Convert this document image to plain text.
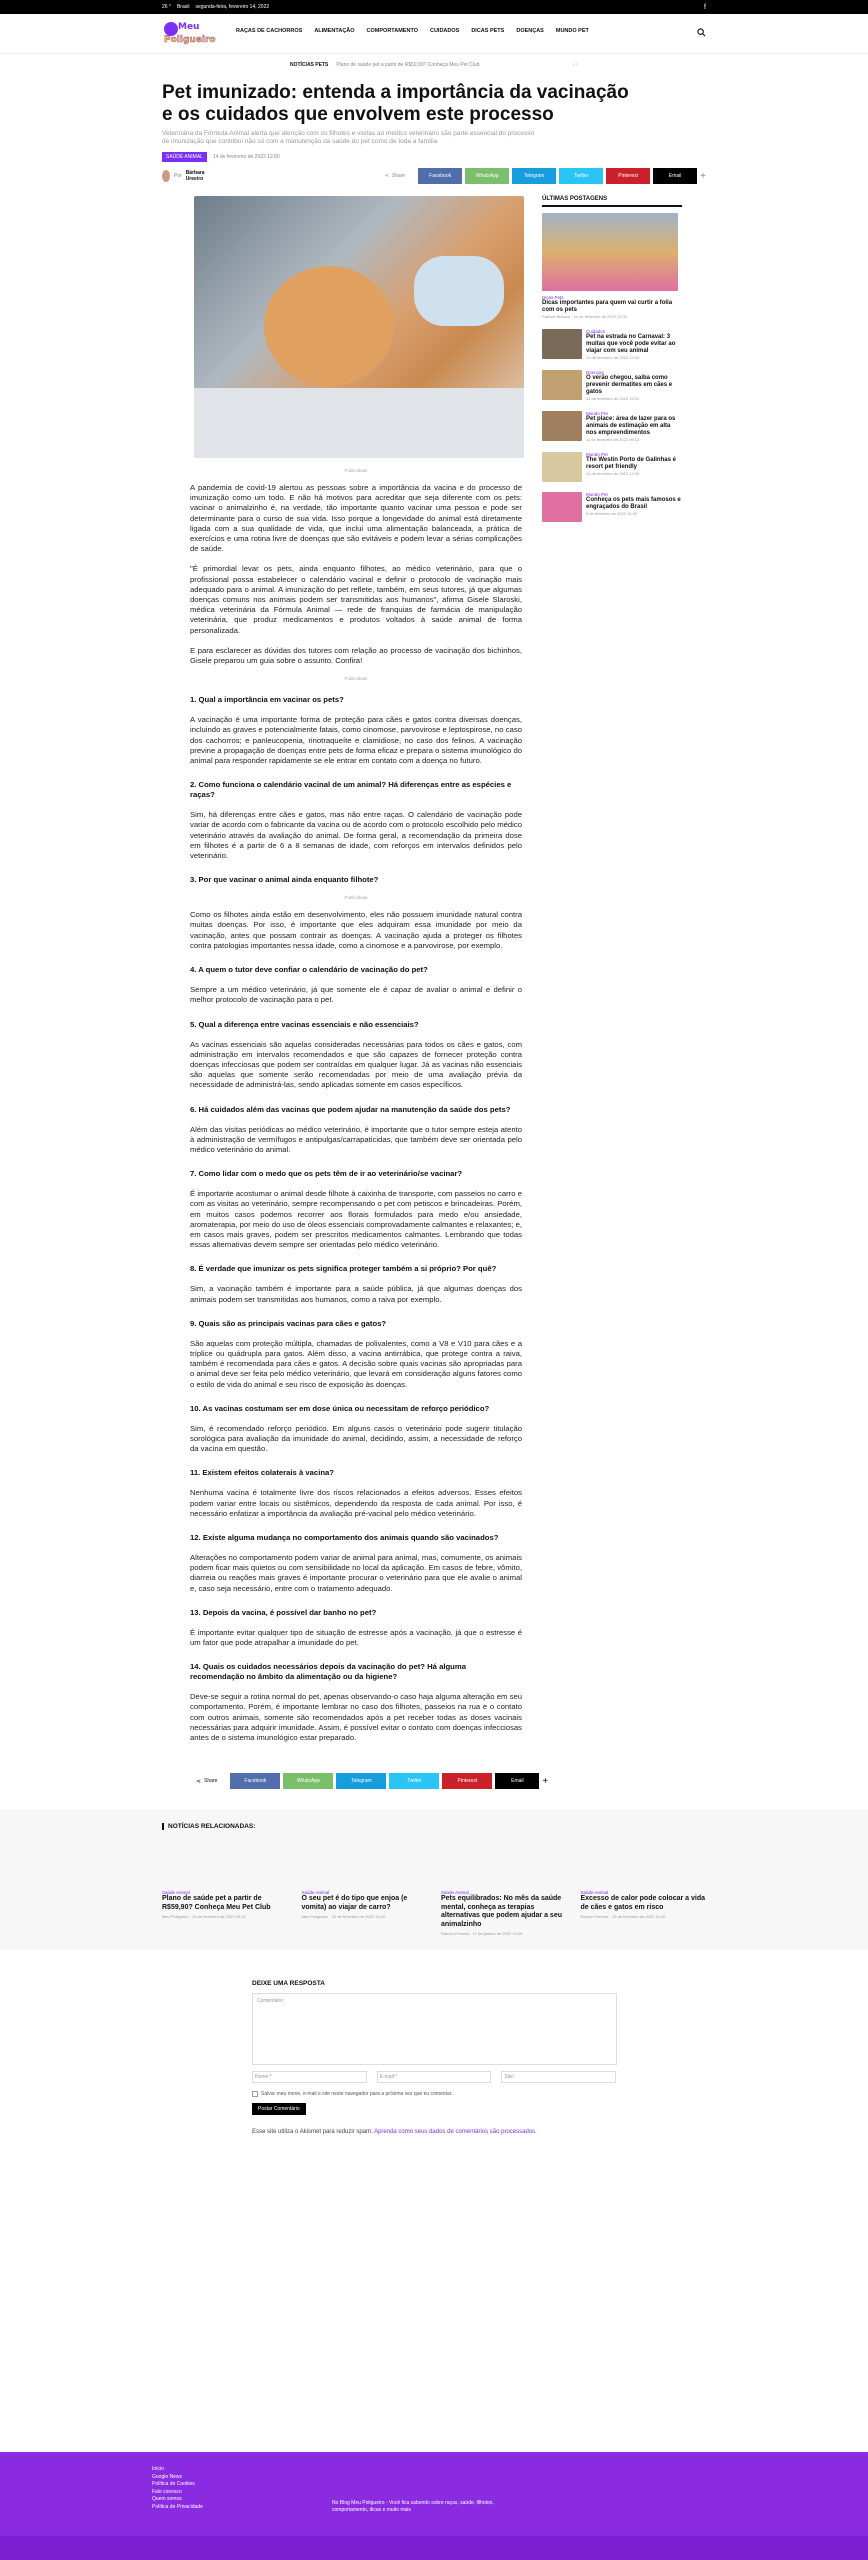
26 ° Brasil segunda-feira, fevereiro 14, 2022	f
Meu
Poligueiro
RAÇAS DE CACHORROS ALIMENTAÇÃO COMPORTAMENTO CUIDADOS DICAS PETS DOENÇAS MUNDO PET
NOTÍCIAS PETS Plano de saúde pet a partir de R$59,90? Conheça Meu Pet Club	‹ ›
Pet imunizado: entenda a importância da vacinação e os cuidados que envolvem este processo
Veterinária da Fórmula Animal alerta que atenção com os filhotes e visitas ao médico veterinário são parte essencial do processo de imunização que contribui não só com a manutenção da saúde do pet como de toda a família
SAÚDE ANIMAL	14 de fevereiro de 2022 12:00
Por Bárbara Ureeiro	⋖ Share	Facebook	WhatsApp	Telegram	Twitter	Pinterest	Email	+
Publicidade

A pandemia de covid-19 alertou as pessoas sobre a importância da vacina e do processo de imunização como um todo. E não há motivos para acreditar que seja diferente com os pets: vacinar o animalzinho é, na verdade, tão importante quanto vacinar uma pessoa e pode ser determinante para o curso de sua vida. Isso porque a longevidade do animal está diretamente ligada com a sua qualidade de vida, que inclui uma alimentação balanceada, a prática de exercícios e uma rotina livre de doenças que são evitáveis e podem levar a sérias complicações de saúde.

"É primordial levar os pets, ainda enquanto filhotes, ao médico veterinário, para que o profissional possa estabelecer o calendário vacinal e definir o protocolo de vacinação mais adequado para o animal. A imunização do pet reflete, também, em seus tutores, já que algumas doenças comuns nos animais podem ser transmitidas aos humanos", afirma Gisele Slaroski, médica veterinária da Fórmula Animal — rede de franquias de farmácia de manipulação veterinária, que produz medicamentos e produtos voltados à saúde animal de forma personalizada.

E para esclarecer as dúvidas dos tutores com relação ao processo de vacinação dos bichinhos, Gisele preparou um guia sobre o assunto. Confira!

Publicidade
1. Qual a importância em vacinar os pets?

A vacinação é uma importante forma de proteção para cães e gatos contra diversas doenças, incluindo as graves e potencialmente fatais, como cinomose, parvovirose e leptospirose, no caso dos cachorros; e panleucopenia, rinotraqueíte e clamidiose, no caso dos felinos. A vacinação previne a propagação de doenças entre pets de forma eficaz e prepara o sistema imunológico do animal para responder rapidamente se ele entrar em contato com a doença no futuro.

2. Como funciona o calendário vacinal de um animal? Há diferenças entre as espécies e raças?

Sim, há diferenças entre cães e gatos, mas não entre raças. O calendário de vacinação pode variar de acordo com o fabricante da vacina ou de acordo com o protocolo escolhido pelo médico veterinário através da avaliação do animal. De forma geral, a recomendação da primeira dose em filhotes é a partir de 6 a 8 semanas de idade, com reforços em intervalos definidos pelo veterinário.

3. Por que vacinar o animal ainda enquanto filhote?
Publicidade

Como os filhotes ainda estão em desenvolvimento, eles não possuem imunidade natural contra muitas doenças. Por isso, é importante que eles adquiram essa imunidade por meio da vacinação, antes que possam contrair as doenças. A vacinação ajuda a proteger os filhotes contra patologias importantes nessa idade, como a cinomose e a parvovirose, por exemplo.

4. A quem o tutor deve confiar o calendário de vacinação do pet?

Sempre a um médico veterinário, já que somente ele é capaz de avaliar o animal e definir o melhor protocolo de vacinação para o pet.

5. Qual a diferença entre vacinas essenciais e não essenciais?

As vacinas essenciais são aquelas consideradas necessárias para todos os cães e gatos, com administração em intervalos recomendados e que são capazes de fornecer proteção contra doenças infecciosas que podem ser contraídas em qualquer lugar. Já as vacinas não essenciais são aquelas que somente serão recomendadas por meio de uma avaliação prévia da necessidade de administrá-las, sendo aplicadas somente em casos específicos.

6. Há cuidados além das vacinas que podem ajudar na manutenção da saúde dos pets?

Além das visitas periódicas ao médico veterinário, é importante que o tutor sempre esteja atento à administração de vermífugos e antipulgas/carrapaticidas, que também deve ser orientada pelo médico veterinário do animal.

7. Como lidar com o medo que os pets têm de ir ao veterinário/se vacinar?

É importante acostumar o animal desde filhote à caixinha de transporte, com passeios no carro e com as visitas ao veterinário, sempre recompensando o pet com petiscos e brincadeiras. Porém, em muitos casos podemos recorrer aos florais formulados para medo e/ou ansiedade, aromaterapia, por meio do uso de óleos essenciais comprovadamente calmantes e relaxantes; e, em casos mais graves, podem ser prescritos medicamentos calmantes. Lembrando que todas essas alternativas devem sempre ser orientadas pelo médico veterinário.

8. É verdade que imunizar os pets significa proteger também a si próprio? Por quê?

Sim, a vacinação também é importante para a saúde pública, já que algumas doenças dos animais podem ser transmitidas aos humanos, como a raiva por exemplo.

9. Quais são as principais vacinas para cães e gatos?

São aquelas com proteção múltipla, chamadas de polivalentes, como a V8 e V10 para cães e a tríplice ou quádrupla para gatos. Além disso, a vacina antirrábica, que protege contra a raiva, também é recomendada para cães e gatos. A decisão sobre quais vacinas são apropriadas para o animal deve ser feita pelo médico veterinário, que levará em consideração alguns fatores como o estilo de vida do animal e seu risco de exposição às doenças.

10. As vacinas costumam ser em dose única ou necessitam de reforço periódico?

Sim, é recomendado reforço periódico. Em alguns casos o veterinário pode sugerir titulação sorológica para avaliação da imunidade do animal, decidindo, assim, a necessidade de reforço da vacina em questão.

11. Existem efeitos colaterais à vacina?

Nenhuma vacina é totalmente livre dos riscos relacionados a efeitos adversos. Esses efeitos podem variar entre locais ou sistêmicos, dependendo da resposta de cada animal. Por isso, é necessário enfatizar a importância da avaliação pré-vacinal pelo médico veterinário.

12. Existe alguma mudança no comportamento dos animais quando são vacinados?

Alterações no comportamento podem variar de animal para animal, mas, comumente, os animais podem ficar mais quietos ou com sensibilidade no local da aplicação. Em casos de febre, vômito, diarreia ou reações mais graves é importante procurar o veterinário para que ele avalie o animal e, caso seja necessário, entre com o tratamento adequado.

13. Depois da vacina, é possível dar banho no pet?

É importante evitar qualquer tipo de situação de estresse após a vacinação, já que o estresse é um fator que pode atrapalhar a imunidade do pet.

14. Quais os cuidados necessários depois da vacinação do pet? Há alguma recomendação no âmbito da alimentação ou da higiene?

Deve-se seguir a rotina normal do pet, apenas observando-o caso haja alguma alteração em seu comportamento. Porém, é importante lembrar no caso dos filhotes, passeios na rua e o contato com outros animais, somente são recomendados após a pet receber todas as doses vacinais necessárias para adquirir imunidade. Assim, é possível evitar o contato com doenças infecciosas antes de o sistema imunológico estar preparado.

ÚLTIMAS POSTAGENS
Dicas Pets
Dicas importantes para quem vai curtir a folia com os pets
Fabíola Bricano · 14 de fevereiro de 2022 12:00
Cuidados
Pet na estrada no Carnaval: 3 muitas que você pode evitar ao viajar com seu animal
13 de fevereiro de 2022 12:00
Doenças
O verão chegou, saiba como prevenir dermatites em cães e gatos
12 de fevereiro de 2022 10:22
Mundo Pet
Pet place: área de lazer para os animais de estimação em alta nos empreendimentos
11 de fevereiro de 2022 09:12
Mundo Pet
The Westin Porto de Galinhas é resort pet friendly
10 de fevereiro de 2022 12:00
Mundo Pet
Conheça os pets mais famosos e engraçados do Brasil
9 de fevereiro de 2022 15:00
⋖ Share	Facebook	WhatsApp	Telegram	Twitter	Pinterest	Email	+
NOTÍCIAS RELACIONADAS:
Saúde Animal
Plano de saúde pet a partir de R$59,90? Conheça Meu Pet Club
Meu Poligueiro · 23 de fevereiro de 2022 09:10
Saúde Animal
O seu pet é do tipo que enjoa (e vomita) ao viajar de carro?
Meu Poligueiro · 20 de fevereiro de 2022 12:00
Saúde Animal
Pets equilibrados: No mês da saúde mental, conheça as terapias alternativas que podem ajudar a seu animalzinho
Ramon Ferreira · 17 de janeiro de 2022 10:00
Saúde Animal
Excesso de calor pode colocar a vida de cães e gatos em risco
Ramon Ferreira · 15 de fevereiro de 2022 11:00
DEIXE UMA RESPOSTA
Comentário:
Nome:*	E-mail:*	Site:
Salvar meu nome, e-mail e site neste navegador para a próxima vez que eu comentar.
Postar Comentário
Esse site utiliza o Akismet para reduzir spam. Aprenda como seus dados de comentários são processados.
Início
Google News
Política de Cookies
Fale conosco
Quem somos
Política de Privacidade
No Blog Meu Poligueiro - Você fica sabendo sobre raças, saúde, filhotes, comportamento, dicas e muito mais
